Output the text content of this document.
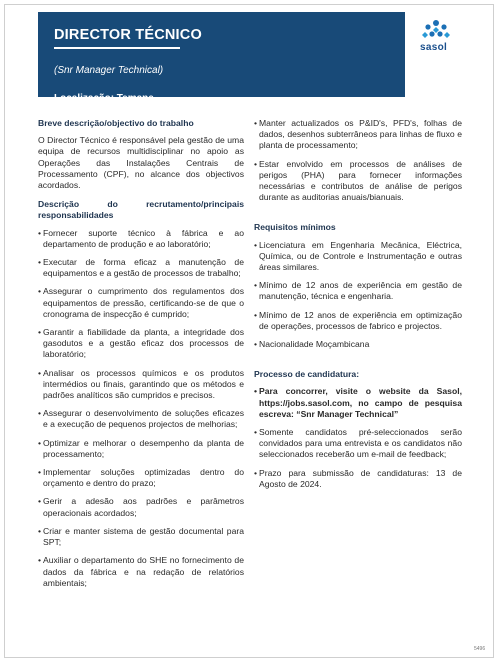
DIRECTOR TÉCNICO
(Snr Manager Technical)
Localização: Temane
sasol
Breve descrição/objectivo do trabalho
O Director Técnico é responsável pela gestão de uma equipa de recursos multidisciplinar no apoio as Operações das Instalações Centrais de Processamento (CPF), no alcance dos objectivos acordados.
Descrição do recrutamento/principais responsabilidades
• Fornecer suporte técnico à fábrica e ao departamento de produção e ao laboratório;
• Executar de forma eficaz a manutenção de equipamentos e a gestão de processos de trabalho;
• Assegurar o cumprimento dos regulamentos dos equipamentos de pressão, certificando-se de que o cronograma de inspecção é cumprido;
• Garantir a fiabilidade da planta, a integridade dos gasodutos e a gestão eficaz dos processos de laboratório;
• Analisar os processos químicos e os produtos intermédios ou finais, garantindo que os métodos e padrões analíticos são cumpridos e precisos.
• Assegurar o desenvolvimento de soluções eficazes e a execução de pequenos projectos de melhorias;
• Optimizar e melhorar o desempenho da planta de processamento;
• Implementar soluções optimizadas dentro do orçamento e dentro do prazo;
• Gerir a adesão aos padrões e parâmetros operacionais acordados;
• Criar e manter sistema de gestão documental para SPT;
• Auxiliar o departamento do SHE no fornecimento de dados da fábrica e na redação de relatórios ambientais;
• Manter actualizados os P&ID's, PFD's, folhas de dados, desenhos subterrâneos para linhas de fluxo e planta de processamento;
• Estar envolvido em processos de análises de perigos (PHA) para fornecer informações necessárias e contributos de análise de perigos durante as auditorias anuais/bianuais.
Requisitos mínimos
• Licenciatura em Engenharia Mecânica, Eléctrica, Química, ou de Controle e Instrumentação e outras áreas similares.
• Mínimo de 12 anos de experiência em gestão de manutenção, técnica e engenharia.
• Mínimo de 12 anos de experiência em optimização de operações, processos de fabrico e projectos.
• Nacionalidade Moçambicana
Processo de candidatura:
• Para concorrer, visite o website da Sasol, https://jobs.sasol.com, no campo de pesquisa escreva: “Snr Manager Technical”
• Somente candidatos pré-seleccionados serão convidados para uma entrevista e os candidatos não seleccionados receberão um e-mail de feedback;
• Prazo para submissão de candidaturas: 13 de Agosto de 2024.
5496
